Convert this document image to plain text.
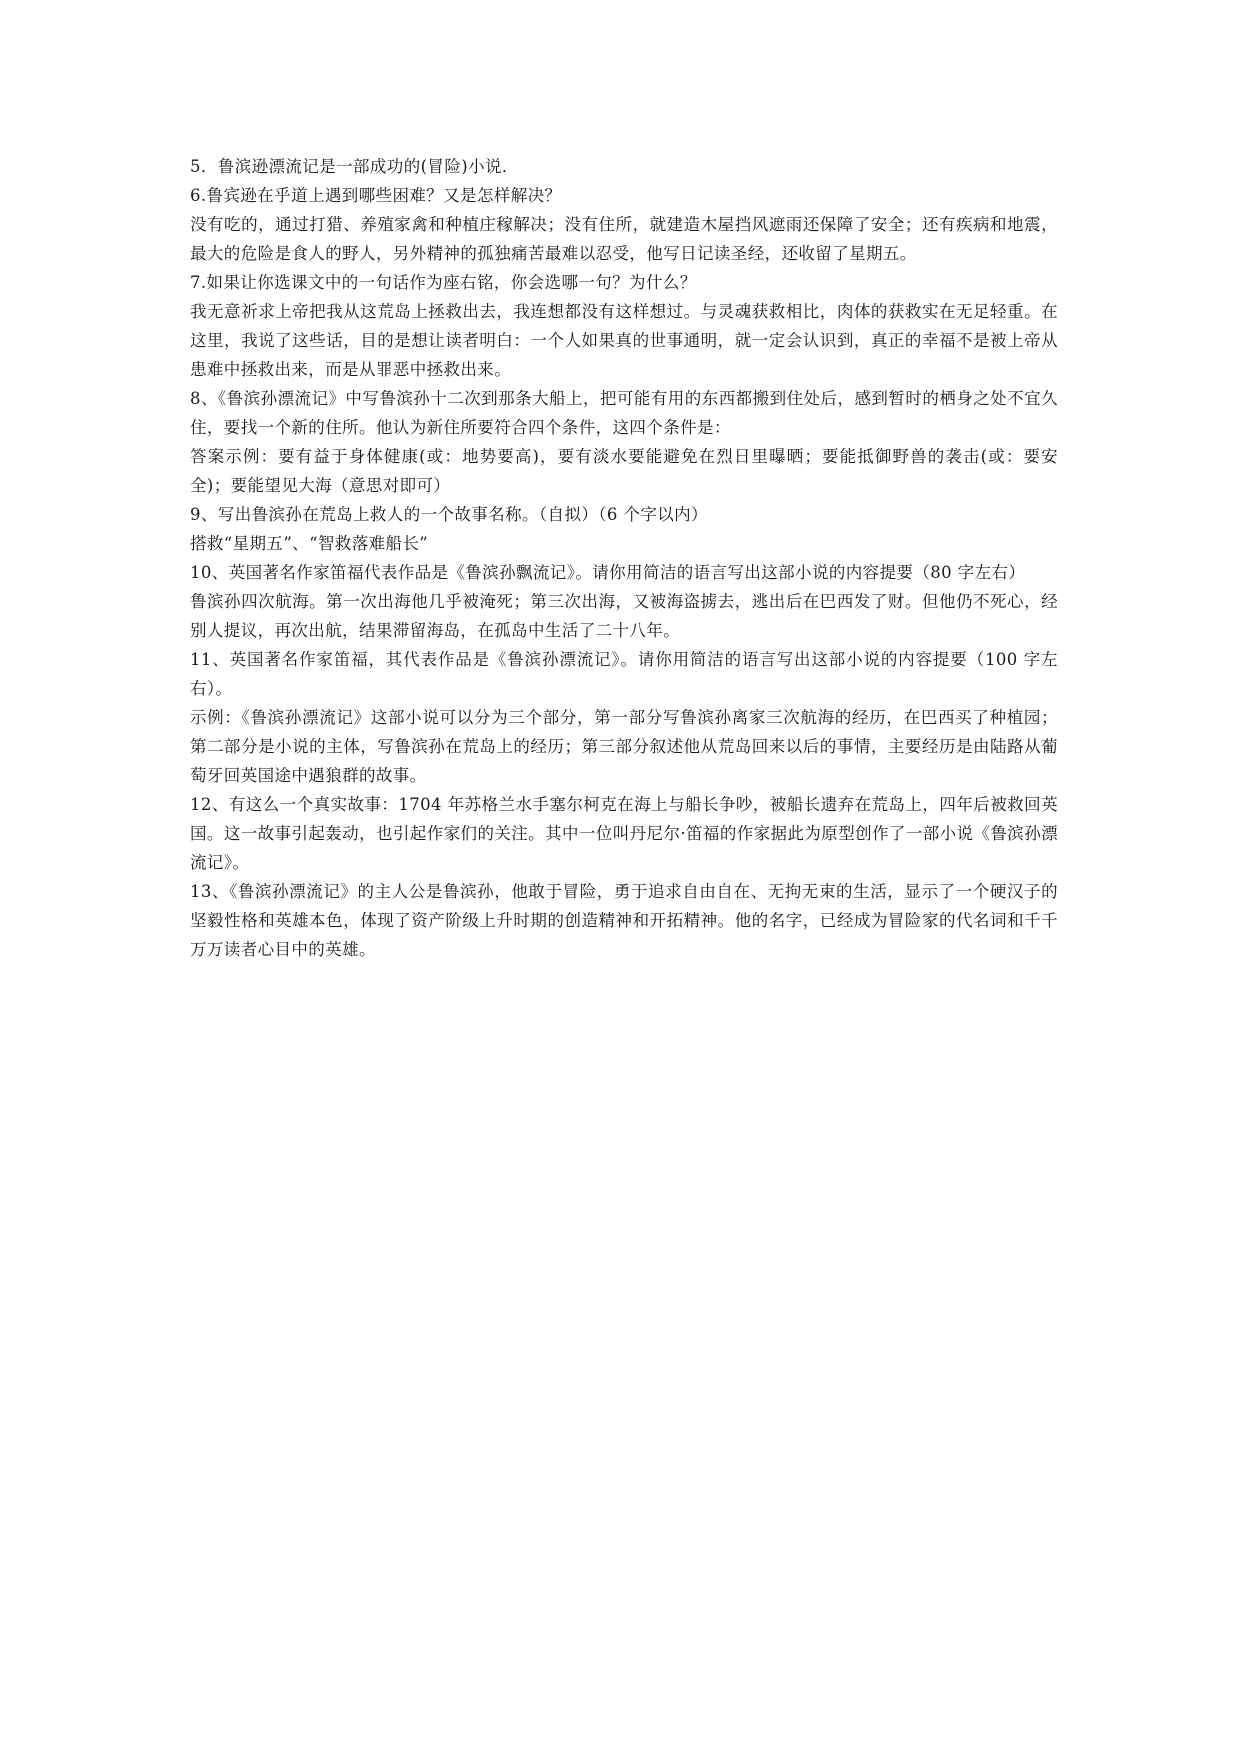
5．鲁滨逊漂流记是一部成功的(冒险)小说．

6.鲁宾逊在乎道上遇到哪些困难？又是怎样解决？

没有吃的，通过打猎、养殖家禽和种植庄稼解决；没有住所，就建造木屋挡风遮雨还保障了安全；还有疾病和地震，最大的危险是食人的野人，另外精神的孤独痛苦最难以忍受，他写日记读圣经，还收留了星期五。

7.如果让你选课文中的一句话作为座右铭，你会选哪一句？为什么？

我无意祈求上帝把我从这荒岛上拯救出去，我连想都没有这样想过。与灵魂获救相比，肉体的获救实在无足轻重。在这里，我说了这些话，目的是想让读者明白：一个人如果真的世事通明，就一定会认识到，真正的幸福不是被上帝从患难中拯救出来，而是从罪恶中拯救出来。

8、《鲁滨孙漂流记》中写鲁滨孙十二次到那条大船上，把可能有用的东西都搬到住处后，感到暂时的栖身之处不宜久住，要找一个新的住所。他认为新住所要符合四个条件，这四个条件是：

答案示例：要有益于身体健康(或：地势要高)，要有淡水要能避免在烈日里曝晒；要能抵御野兽的袭击(或：要安全)；要能望见大海（意思对即可）

9、写出鲁滨孙在荒岛上救人的一个故事名称。（自拟）（6 个字以内）

搭救“星期五”、“智救落难船长”

10、英国著名作家笛福代表作品是《鲁滨孙飘流记》。请你用简洁的语言写出这部小说的内容提要（80 字左右）

鲁滨孙四次航海。第一次出海他几乎被淹死；第三次出海，又被海盗掳去，逃出后在巴西发了财。但他仍不死心，经别人提议，再次出航，结果滞留海岛，在孤岛中生活了二十八年。

11、英国著名作家笛福，其代表作品是《鲁滨孙漂流记》。请你用简洁的语言写出这部小说的内容提要（100 字左右）。

示例：《鲁滨孙漂流记》这部小说可以分为三个部分，第一部分写鲁滨孙离家三次航海的经历，在巴西买了种植园；第二部分是小说的主体，写鲁滨孙在荒岛上的经历；第三部分叙述他从荒岛回来以后的事情，主要经历是由陆路从葡萄牙回英国途中遇狼群的故事。

12、有这么一个真实故事：1704 年苏格兰水手塞尔柯克在海上与船长争吵，被船长遗弃在荒岛上，四年后被救回英国。这一故事引起轰动，也引起作家们的关注。其中一位叫丹尼尔·笛福的作家据此为原型创作了一部小说《鲁滨孙漂流记》。

13、《鲁滨孙漂流记》的主人公是鲁滨孙，他敢于冒险，勇于追求自由自在、无拘无束的生活，显示了一个硬汉子的坚毅性格和英雄本色，体现了资产阶级上升时期的创造精神和开拓精神。他的名字，已经成为冒险家的代名词和千千万万读者心目中的英雄。
